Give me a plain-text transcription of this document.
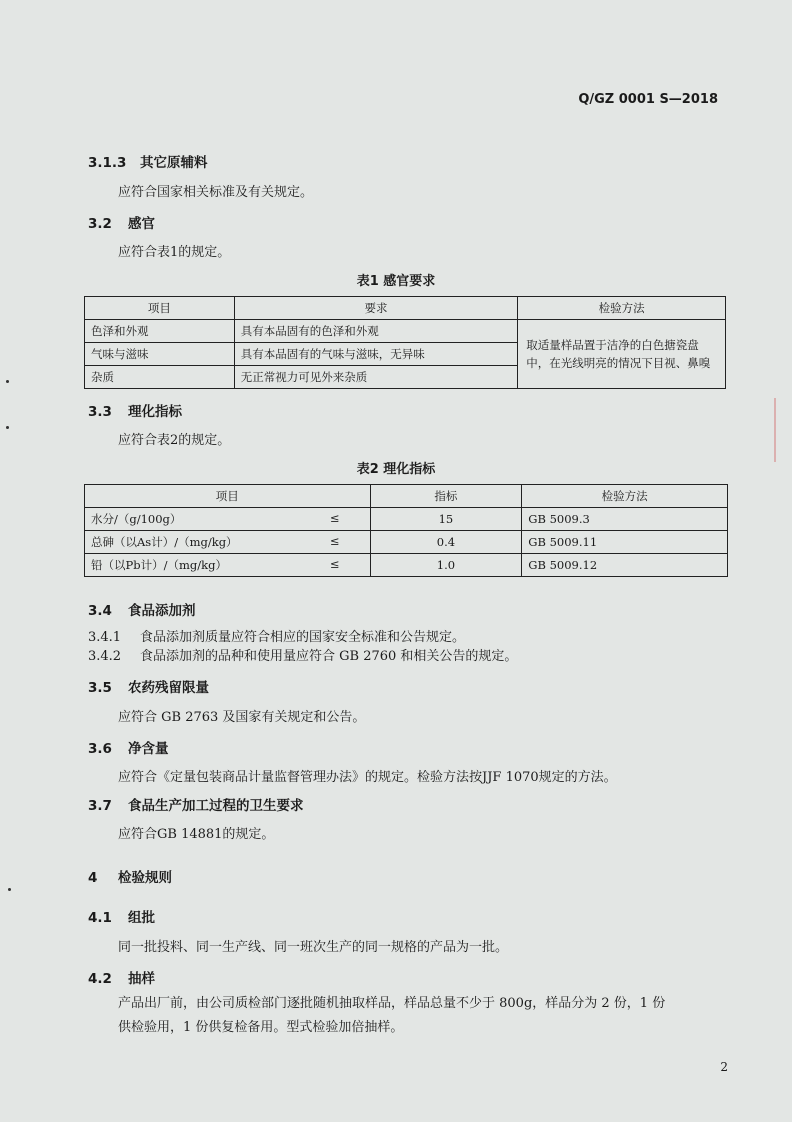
Q/GZ 0001 S—2018
3.1.3 其它原辅料
应符合国家相关标准及有关规定。
3.2 感官
应符合表1的规定。
表1 感官要求
项目	要求	检验方法
色泽和外观	具有本品固有的色泽和外观	取适量样品置于洁净的白色搪瓷盘中，在光线明亮的情况下目视、鼻嗅
气味与滋味	具有本品固有的气味与滋味，无异味	
杂质	无正常视力可见外来杂质	
3.3 理化指标
应符合表2的规定。
表2 理化指标
项目	指标	检验方法
水分/（g/100g） ≤	15	GB 5009.3
总砷（以As计）/（mg/kg） ≤	0.4	GB 5009.11
铅（以Pb计）/（mg/kg） ≤	1.0	GB 5009.12
3.4 食品添加剂
3.4.1 食品添加剂质量应符合相应的国家安全标准和公告规定。
3.4.2 食品添加剂的品种和使用量应符合 GB 2760 和相关公告的规定。
3.5 农药残留限量
应符合 GB 2763 及国家有关规定和公告。
3.6 净含量
应符合《定量包装商品计量监督管理办法》的规定。检验方法按JJF 1070规定的方法。
3.7 食品生产加工过程的卫生要求
应符合GB 14881的规定。
4 检验规则
4.1 组批
同一批投料、同一生产线、同一班次生产的同一规格的产品为一批。
4.2 抽样
产品出厂前，由公司质检部门逐批随机抽取样品，样品总量不少于 800g，样品分为 2 份，1 份供检验用，1 份供复检备用。型式检验加倍抽样。
2
